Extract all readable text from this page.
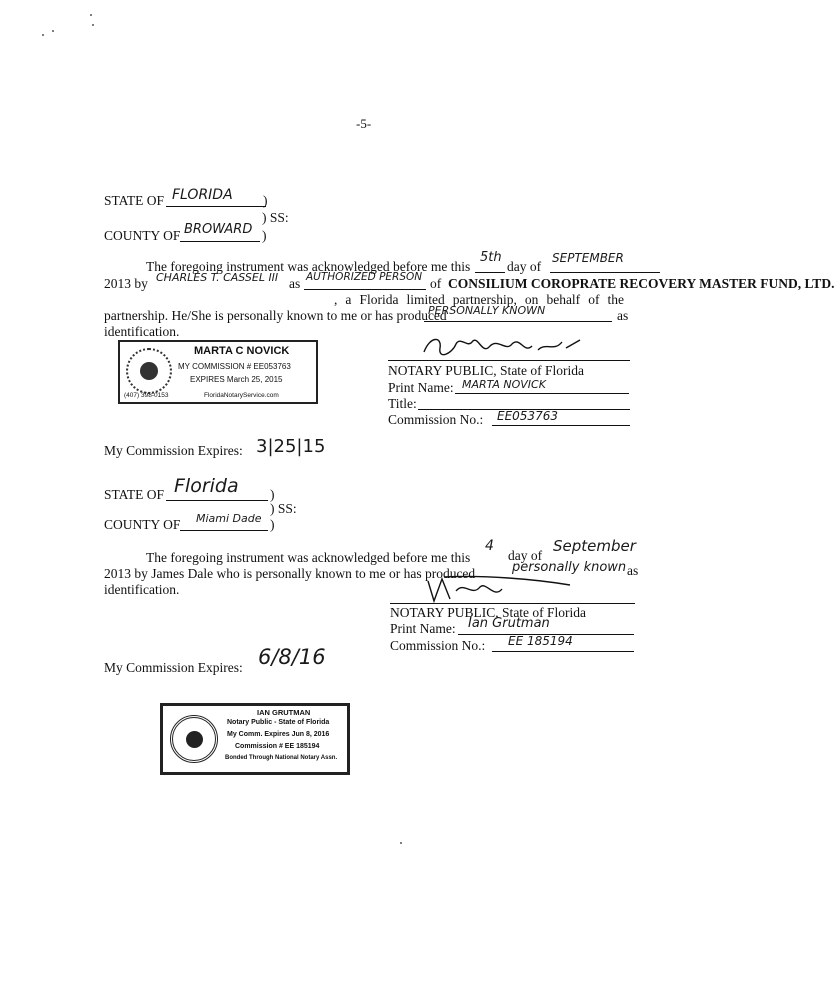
-5-
STATE OF FLORIDA )
) SS:
COUNTY OF BROWARD )
The foregoing instrument was acknowledged before me this
5th
day of
SEPTEMBER
2013 by CHARLES T. CASSEL III as AUTHORIZED PERSON of CONSILIUM COROPRATE RECOVERY MASTER FUND, LTD.
, a Florida limited partnership, on behalf of the partnership. He/She is personally known to me or has produced
PERSONALLY KNOWN	as
identification.
MARTA C NOVICK
MY COMMISSION # EE053763
EXPIRES March 25, 2015
(407) 398-0153	FloridaNotaryService.com
NOTARY PUBLIC, State of Florida
Print Name: MARTA NOVICK
Title:
Commission No.: EE053763
My Commission Expires: 3|25|15
STATE OF Florida )
) SS:
COUNTY OF Miami Dade )
The foregoing instrument was acknowledged before me this
4
day of
September
2013 by James Dale who is personally known to me or has produced	personally known as
identification.
NOTARY PUBLIC, State of Florida
Print Name: Ian Grutman
Commission No.: EE 185194
My Commission Expires: 6/8/16
IAN GRUTMAN
Notary Public - State of Florida
My Comm. Expires Jun 8, 2016
Commission # EE 185194
Bonded Through National Notary Assn.
